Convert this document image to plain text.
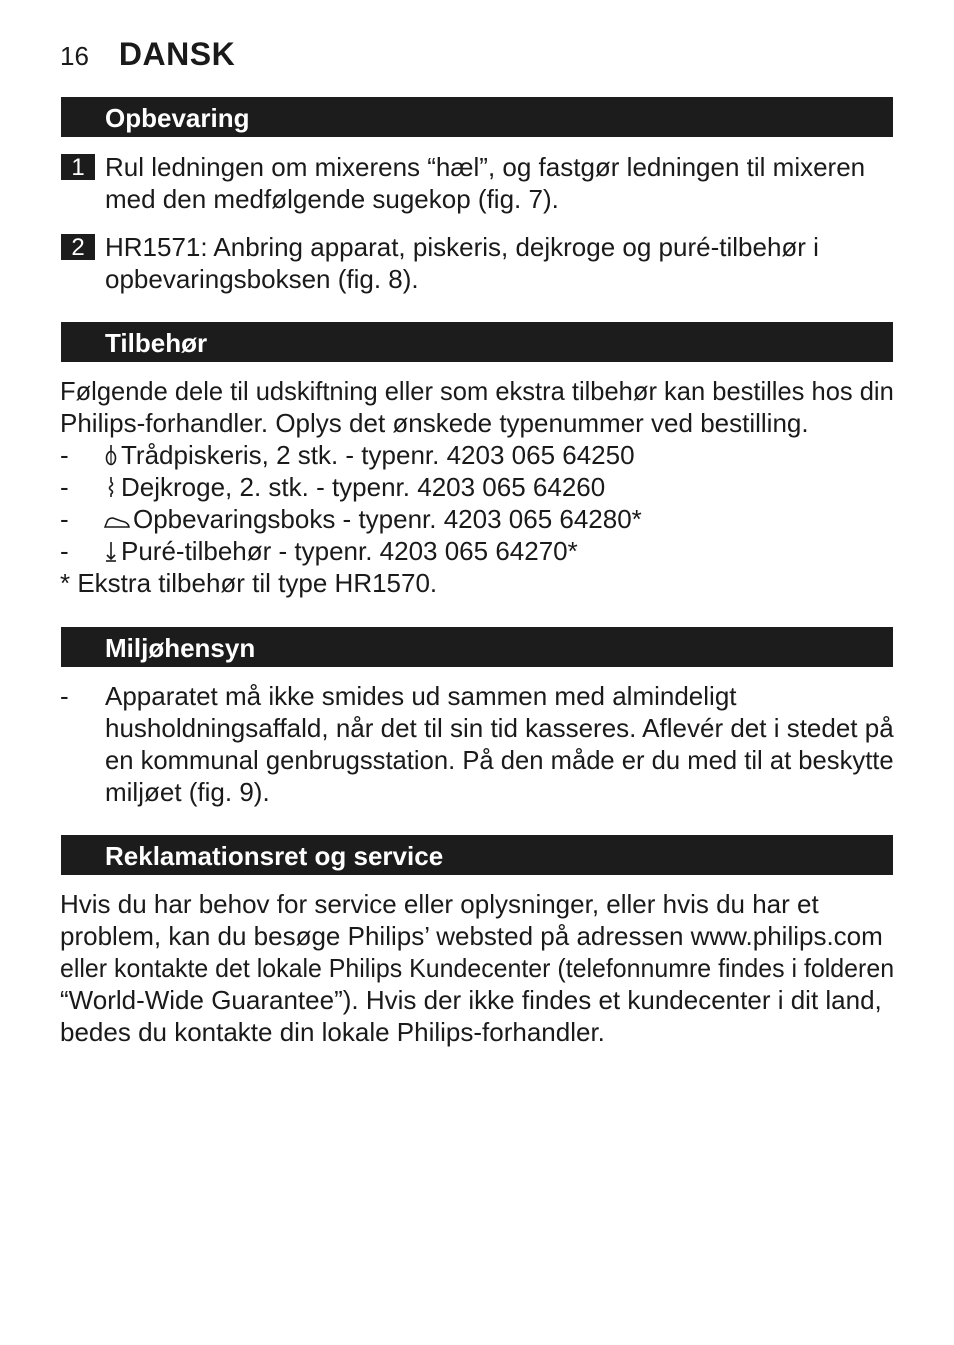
16 DANSK
Opbevaring
1 Rul ledningen om mixerens “hæl”, og fastgør ledningen til mixeren
med den medfølgende sugekop (fig. 7).
2 HR1571: Anbring apparat, piskeris, dejkroge og puré-tilbehør i
opbevaringsboksen (fig. 8).
Tilbehør
Følgende dele til udskiftning eller som ekstra tilbehør kan bestilles hos din
Philips-forhandler. Oplys det ønskede typenummer ved bestilling.
-	Trådpiskeris, 2 stk. - typenr. 4203 065 64250
-	Dejkroge, 2. stk. - typenr. 4203 065 64260
-	Opbevaringsboks - typenr. 4203 065 64280*
-	Puré-tilbehør - typenr. 4203 065 64270*
* Ekstra tilbehør til type HR1570.
Miljøhensyn
- Apparatet må ikke smides ud sammen med almindeligt
husholdningsaffald, når det til sin tid kasseres. Aflevér det i stedet på
en kommunal genbrugsstation. På den måde er du med til at beskytte
miljøet (fig. 9).
Reklamationsret og service
Hvis du har behov for service eller oplysninger, eller hvis du har et
problem, kan du besøge Philips’ websted på adressen www.philips.com
eller kontakte det lokale Philips Kundecenter (telefonnumre findes i folderen
“World-Wide Guarantee”). Hvis der ikke findes et kundecenter i dit land,
bedes du kontakte din lokale Philips-forhandler.
